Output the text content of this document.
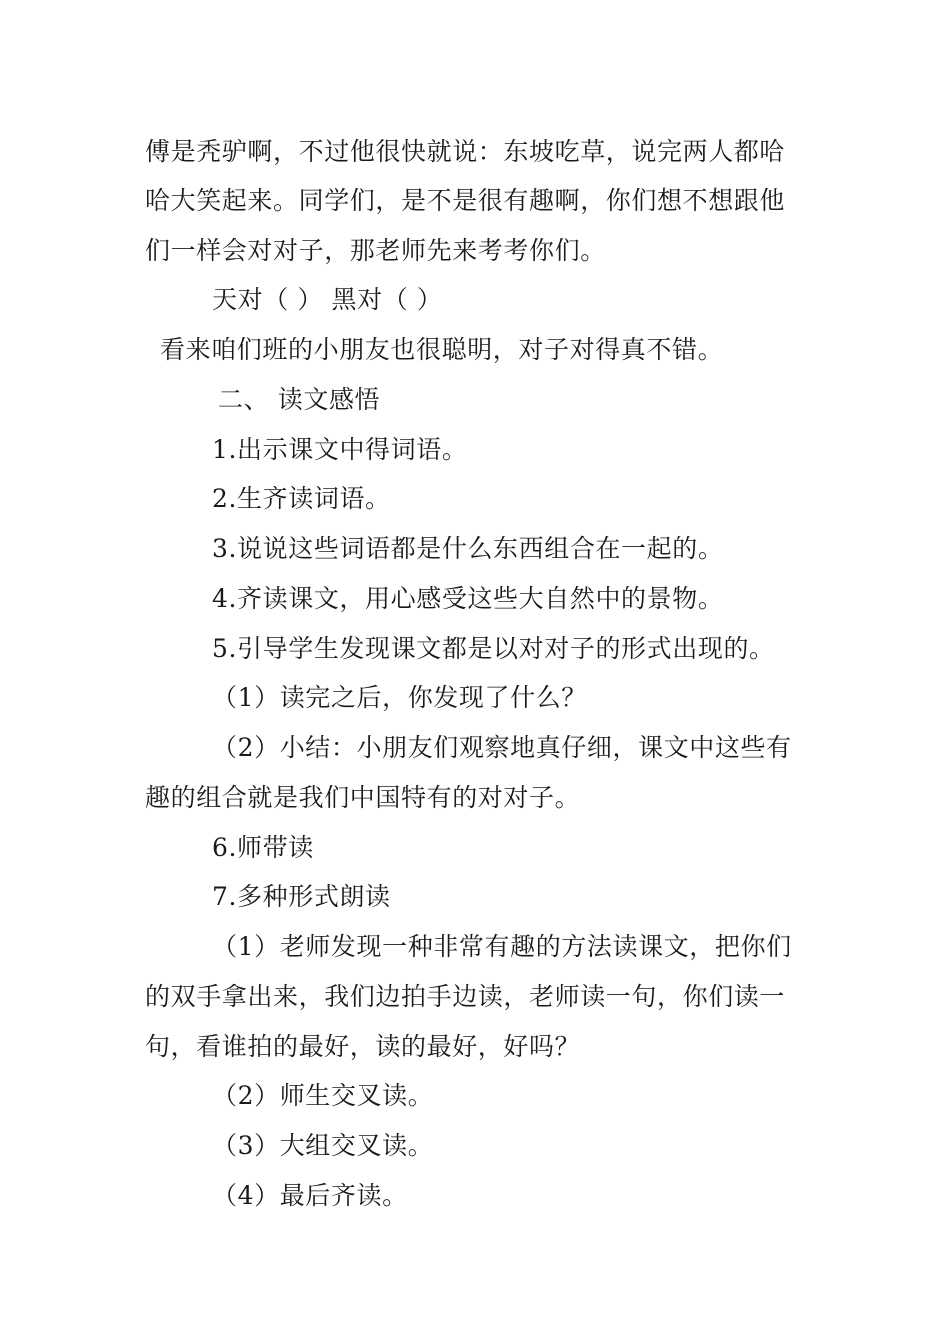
傅是秃驴啊，不过他很快就说：东坡吃草，说完两人都哈
哈大笑起来。同学们，是不是很有趣啊，你们想不想跟他
们一样会对对子，那老师先来考考你们。
天对（ ） 黑对（ ）
看来咱们班的小朋友也很聪明，对子对得真不错。
二、 读文感悟
1.出示课文中得词语。
2.生齐读词语。
3.说说这些词语都是什么东西组合在一起的。
4.齐读课文，用心感受这些大自然中的景物。
5.引导学生发现课文都是以对对子的形式出现的。
（1）读完之后，你发现了什么？
（2）小结：小朋友们观察地真仔细，课文中这些有
趣的组合就是我们中国特有的对对子。
6.师带读
7.多种形式朗读
（1）老师发现一种非常有趣的方法读课文，把你们
的双手拿出来，我们边拍手边读，老师读一句，你们读一
句，看谁拍的最好，读的最好，好吗？
（2）师生交叉读。
（3）大组交叉读。
（4）最后齐读。
